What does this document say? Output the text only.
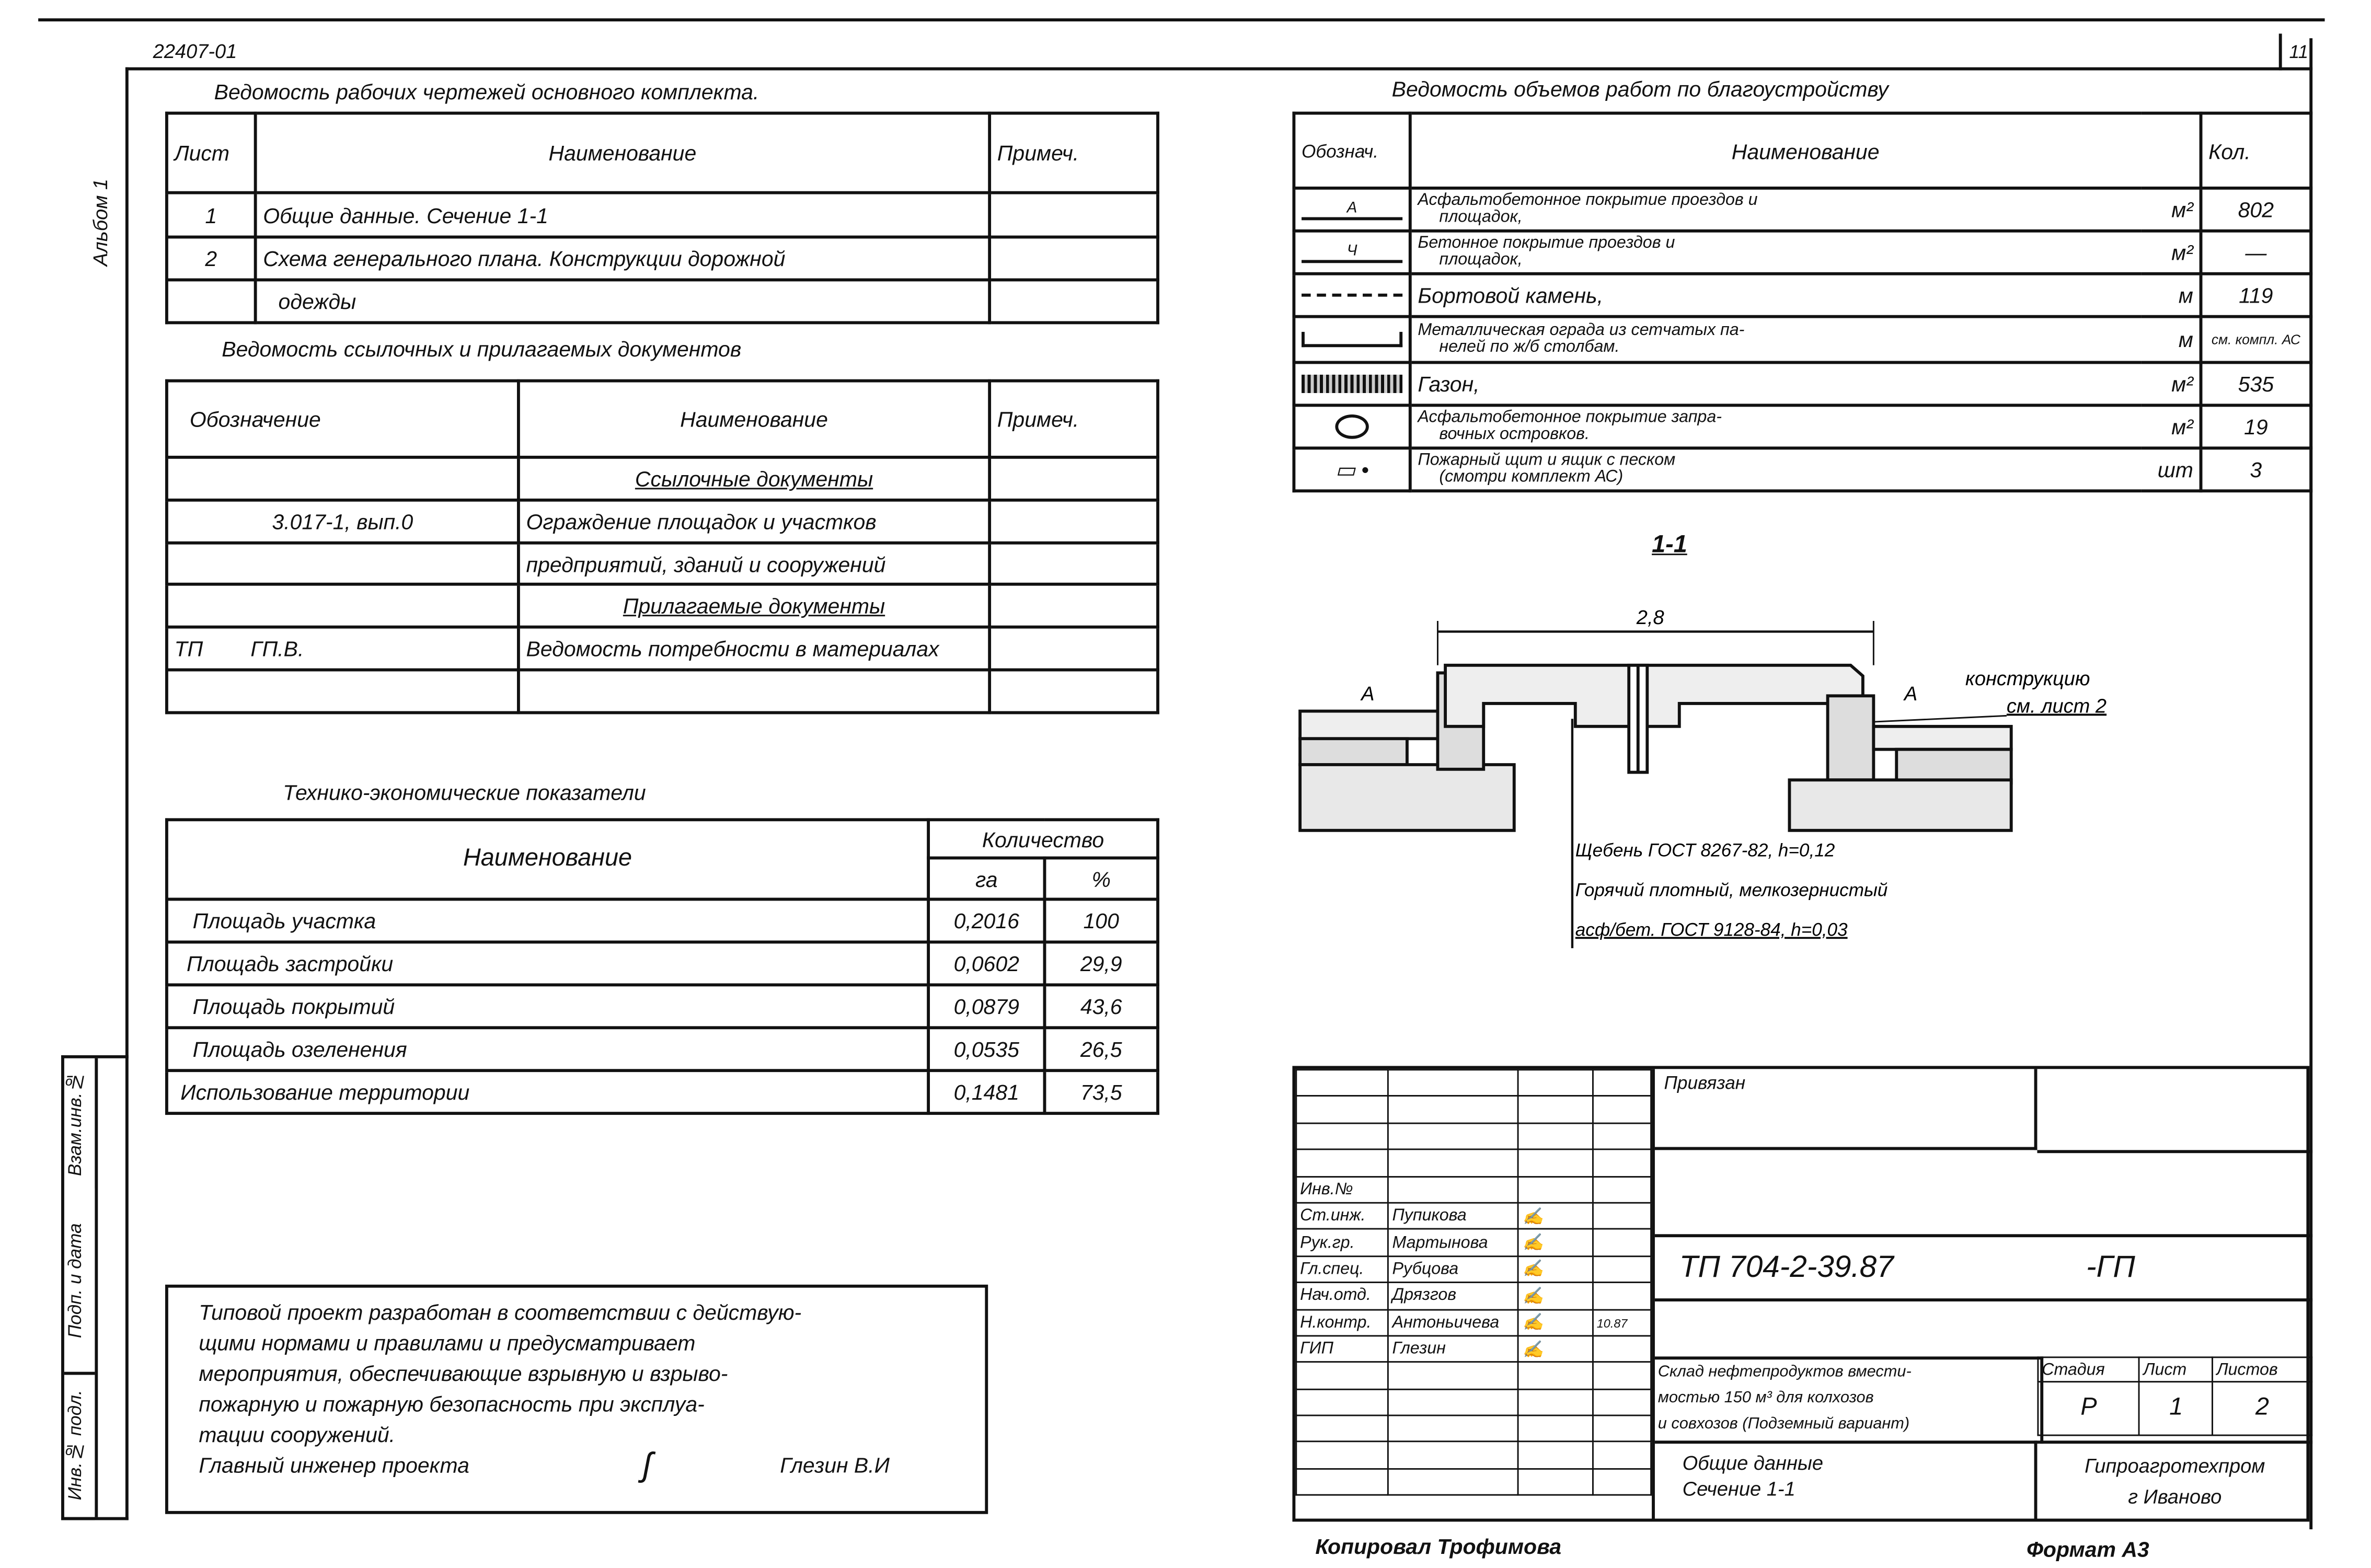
22407-01	11
Альбом 1
Ведомость рабочих чертежей основного комплекта.
Лист	Наименование	Примеч.
1	Общие данные. Сечение 1-1	
2	Схема генерального плана. Конструкции дорожной	
	одежды	
Ведомость ссылочных и прилагаемых документов
Обозначение	Наименование	Примеч.
	Ссылочные документы	
3.017-1, вып.0	Ограждение площадок и участков	
	предприятий, зданий и сооружений	
	Прилагаемые документы	
ТП        ГП.В.	Ведомость потребности в материалах	

Технико-экономические показатели
Наименование	Количество	
	га	%
Площадь участка	0,2016	100
Площадь застройки	0,0602	29,9
Площадь покрытий	0,0879	43,6
Площадь озеленения	0,0535	26,5
Использование территории	0,1481	73,5
Взам.инв.№
Подп. и дата
Инв.№ подл.
Типовой проект разработан в соответствии с действую-
щими нормами и правилами и предусматривает
мероприятия, обеспечивающие взрывную и взрыво-
пожарную и пожарную безопасность при эксплуа-
тации сооружений.
Главный инженер проекта	ʃ	Глезин В.И
Ведомость объемов работ по благоустройству
Обознач.	Наименование		Кол.

А	Асфальтобетонное покрытие проездов и
площадок,	м²	802

Ч	Бетонное покрытие проездов и
площадок,	м²	—

	Бортовой камень,	м	119

	Металлическая ограда из сетчатых па-
нелей по ж/б столбам.	м	см. компл. АС

	Газон,	м²	535

	Асфальтобетонное покрытие запра-
вочных островков.	м²	19

▭ •	Пожарный щит и ящик с песком
(смотри комплект АС)	шт	3
1-1
2,8
А	А
конструкцию
см. лист 2
Щебень ГОСТ 8267-82, h=0,12
Горячий плотный, мелкозернистый
асф/бет. ГОСТ 9128-84, h=0,03

Инв.№			
Ст.инж.	Пупикова	✍	
Рук.гр.	Мартынова	✍	
Гл.спец.	Рубцова	✍	
Нач.отд.	Дрязгов	✍	
Н.контр.	Антоньичева	✍	10.87
ГИП	Глезин	✍	

Привязан
ТП 704-2-39.87	-ГП
Склад нефтепродуктов вмести-
мостью 150 м³ для колхозов
и совхозов (Подземный вариант)
Стадия	Лист	Листов
Р	1	2
Общие данные
Сечение 1-1
Гипроагротехпром
г Иваново
Копировал Трофимова	Формат А3
